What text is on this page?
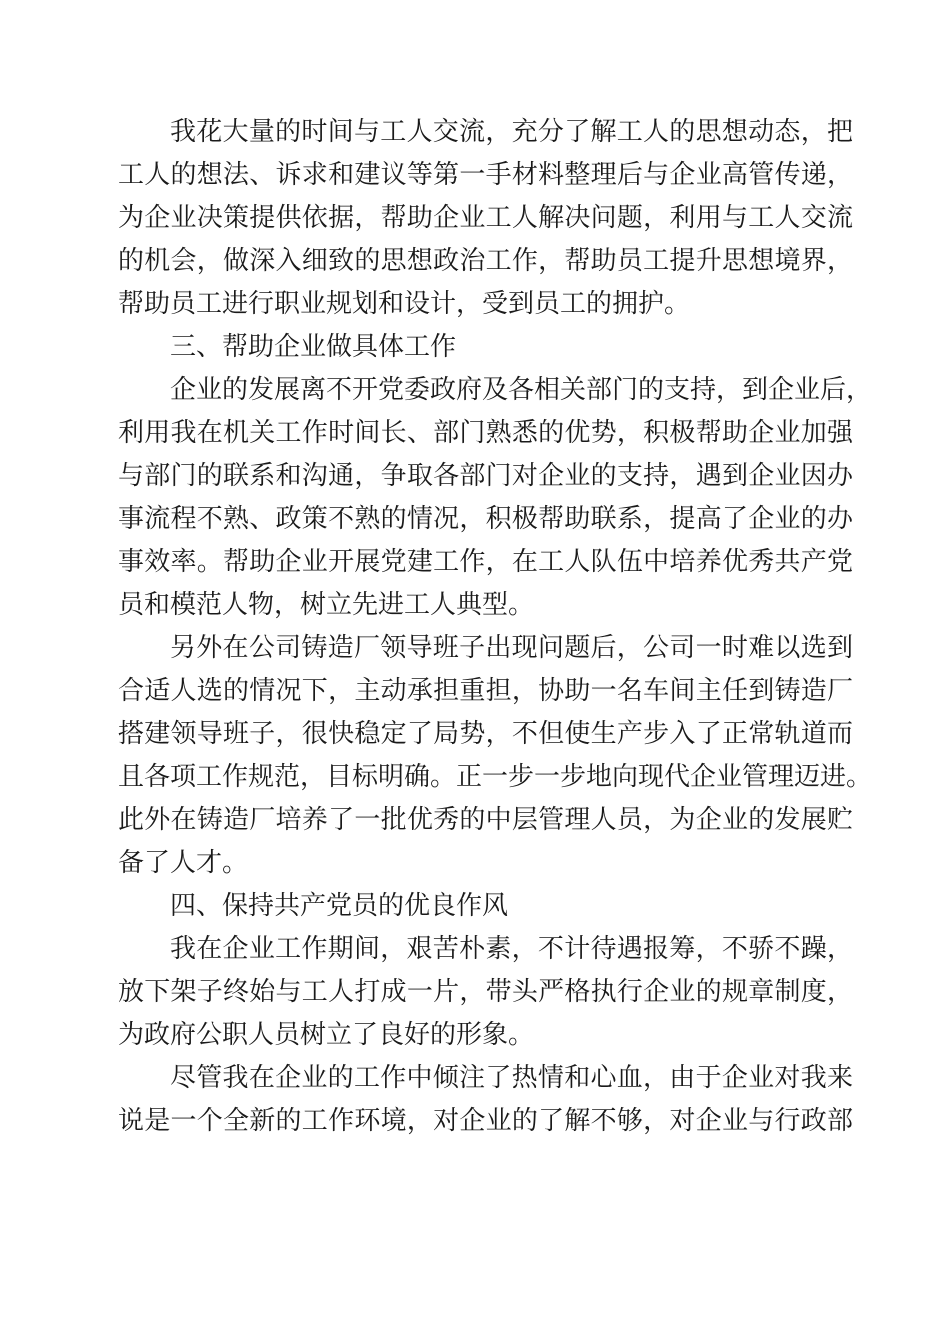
我花大量的时间与工人交流，充分了解工人的思想动态，把
工人的想法、诉求和建议等第一手材料整理后与企业高管传递，
为企业决策提供依据，帮助企业工人解决问题，利用与工人交流
的机会，做深入细致的思想政治工作，帮助员工提升思想境界，
帮助员工进行职业规划和设计，受到员工的拥护。
三、帮助企业做具体工作
企业的发展离不开党委政府及各相关部门的支持，到企业后，
利用我在机关工作时间长、部门熟悉的优势，积极帮助企业加强
与部门的联系和沟通，争取各部门对企业的支持，遇到企业因办
事流程不熟、政策不熟的情况，积极帮助联系，提高了企业的办
事效率。帮助企业开展党建工作，在工人队伍中培养优秀共产党
员和模范人物，树立先进工人典型。
另外在公司铸造厂领导班子出现问题后，公司一时难以选到
合适人选的情况下，主动承担重担，协助一名车间主任到铸造厂
搭建领导班子，很快稳定了局势，不但使生产步入了正常轨道而
且各项工作规范，目标明确。正一步一步地向现代企业管理迈进。
此外在铸造厂培养了一批优秀的中层管理人员，为企业的发展贮
备了人才。
四、保持共产党员的优良作风
我在企业工作期间，艰苦朴素，不计待遇报筹，不骄不躁，
放下架子终始与工人打成一片，带头严格执行企业的规章制度，
为政府公职人员树立了良好的形象。
尽管我在企业的工作中倾注了热情和心血，由于企业对我来
说是一个全新的工作环境，对企业的了解不够，对企业与行政部
